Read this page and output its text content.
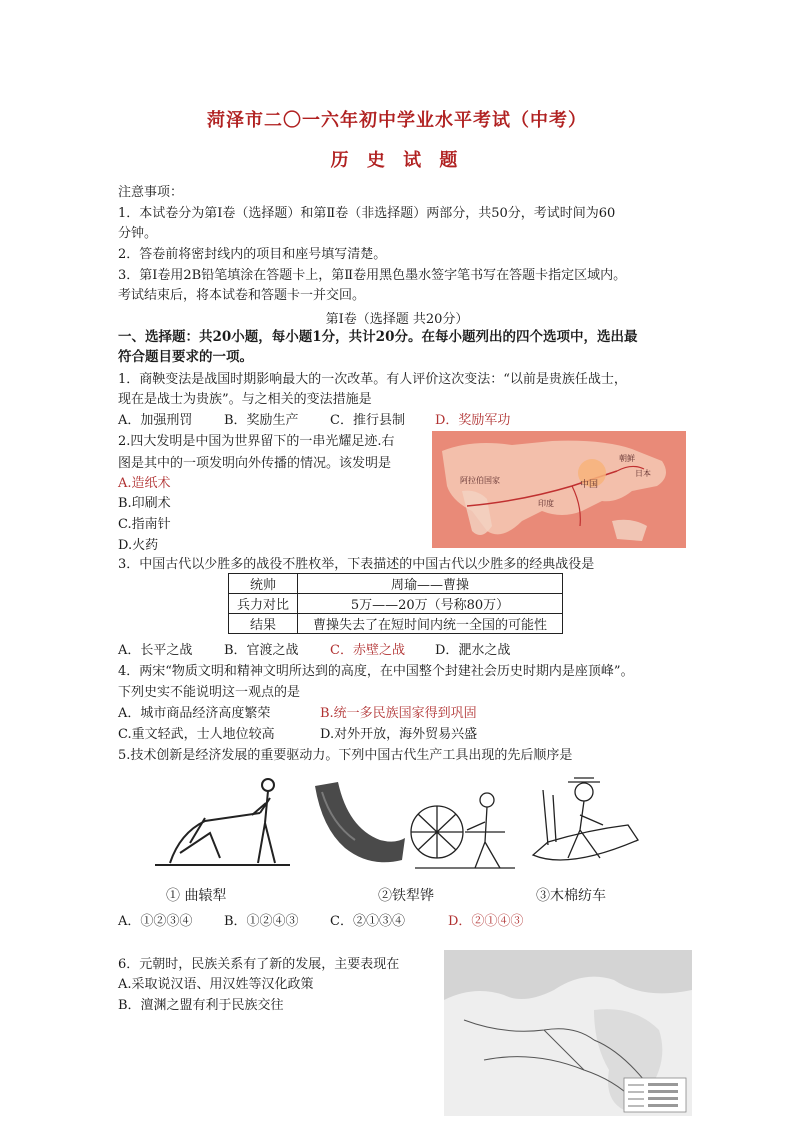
菏泽市二〇一六年初中学业水平考试（中考）
历 史 试 题
注意事项：
1．本试卷分为第Ⅰ卷（选择题）和第Ⅱ卷（非选择题）两部分，共50分，考试时间为60
分钟。
2．答卷前将密封线内的项目和座号填写清楚。
3．第Ⅰ卷用2B铅笔填涂在答题卡上，第Ⅱ卷用黑色墨水签字笔书写在答题卡指定区域内。
考试结束后，将本试卷和答题卡一并交回。
第Ⅰ卷（选择题 共20分）
一、选择题：共20小题，每小题1分，共计20分。在每小题列出的四个选项中，选出最
符合题目要求的一项。
1．商鞅变法是战国时期影响最大的一次改革。有人评价这次变法：“以前是贵族任战士，
现在是战士为贵族”。与之相关的变法措施是
A．加强刑罚 B．奖励生产 C．推行县制 D．奖励军功
2.四大发明是中国为世界留下的一串光耀足迹.右
图是其中的一项发明向外传播的情况。该发明是
A.造纸术
B.印刷术
C.指南针
D.火药
阿拉伯国家	中国
印度
朝鲜
日本
3．中国古代以少胜多的战役不胜枚举，下表描述的中国古代以少胜多的经典战役是
统帅	周瑜——曹操
兵力对比	5万——20万（号称80万）
结果	曹操失去了在短时间内统一全国的可能性
A．长平之战 B．官渡之战 C．赤壁之战 D．淝水之战
4．两宋“物质文明和精神文明所达到的高度，在中国整个封建社会历史时期内是座顶峰”。
下列史实不能说明这一观点的是
A．城市商品经济高度繁荣	B.统一多民族国家得到巩固
C.重文轻武，士人地位较高	D.对外开放，海外贸易兴盛
5.技术创新是经济发展的重要驱动力。下列中国古代生产工具出现的先后顺序是
① 曲辕犁	②铁犁铧	③木棉纺车
A．①②③④ B．①②④③ C．②①③④	D．②①④③
6．元朝时，民族关系有了新的发展，主要表现在
A.采取说汉语、用汉姓等汉化政策
B．澶渊之盟有利于民族交往
